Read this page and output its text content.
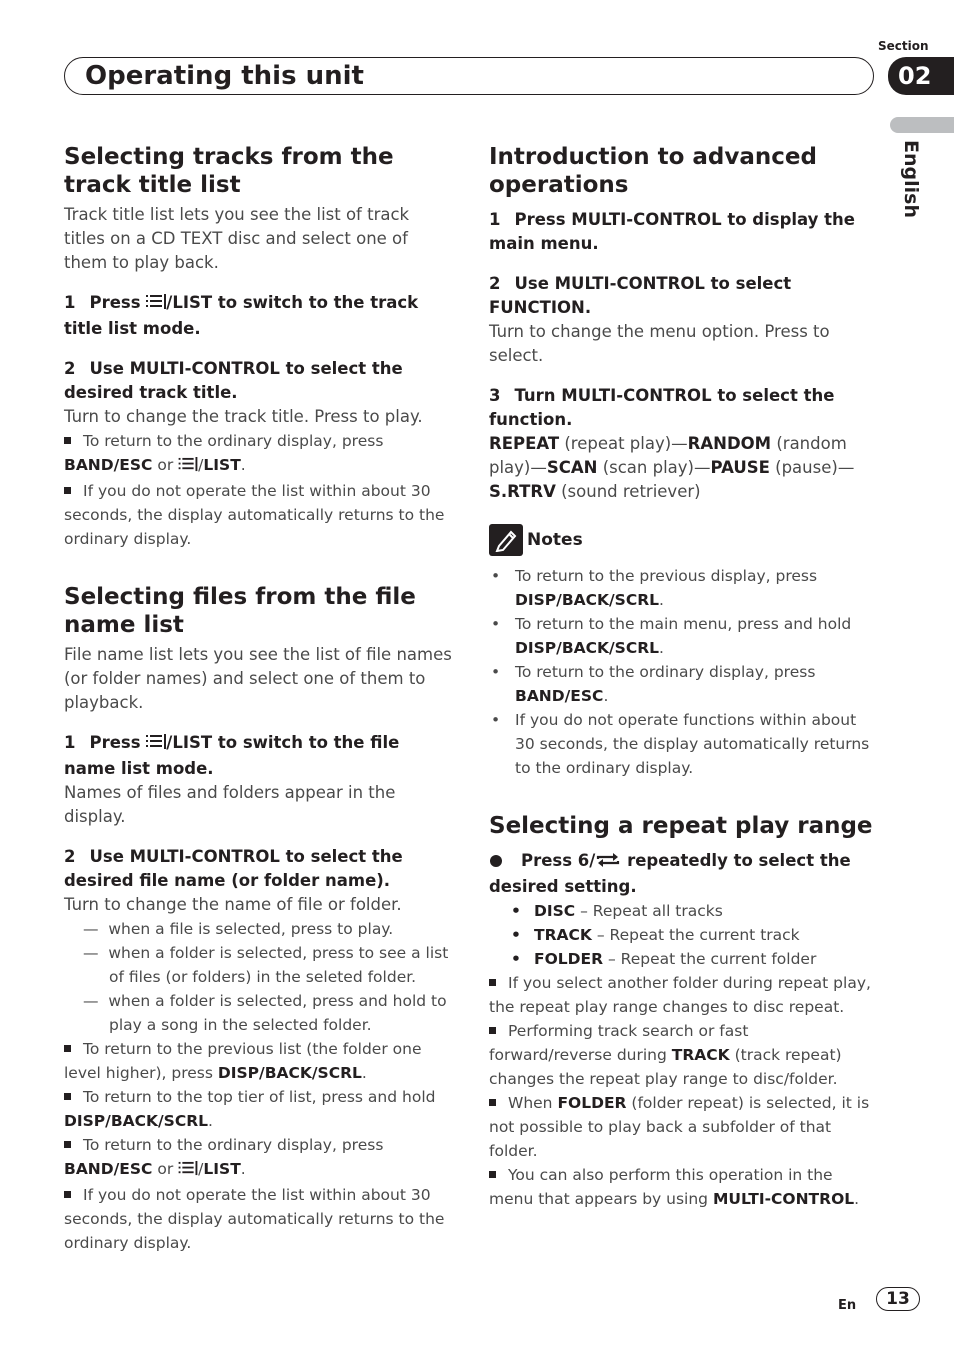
Operating this unit
Section
02
English
Selecting tracks from the track title list
Track title list lets you see the list of track titles on a CD TEXT disc and select one of them to play back.
1 Press /LIST to switch to the track title list mode.
2 Use MULTI-CONTROL to select the desired track title.
Turn to change the track title. Press to play.
To return to the ordinary display, press BAND/ESC or /LIST.
If you do not operate the list within about 30 seconds, the display automatically returns to the ordinary display.
Selecting files from the file name list
File name list lets you see the list of file names (or folder names) and select one of them to playback.
1 Press /LIST to switch to the file name list mode.
Names of files and folders appear in the display.
2 Use MULTI-CONTROL to select the desired file name (or folder name).
Turn to change the name of file or folder.
— when a file is selected, press to play.
— when a folder is selected, press to see a list of files (or folders) in the seleted folder.
— when a folder is selected, press and hold to play a song in the selected folder.
To return to the previous list (the folder one level higher), press DISP/BACK/SCRL.
To return to the top tier of list, press and hold DISP/BACK/SCRL.
To return to the ordinary display, press BAND/ESC or /LIST.
If you do not operate the list within about 30 seconds, the display automatically returns to the ordinary display.
Introduction to advanced operations
1 Press MULTI-CONTROL to display the main menu.
2 Use MULTI-CONTROL to select FUNCTION.
Turn to change the menu option. Press to select.
3 Turn MULTI-CONTROL to select the function.
REPEAT (repeat play)—RANDOM (random play)—SCAN (scan play)—PAUSE (pause)—S.RTRV (sound retriever)
Notes
• To return to the previous display, press DISP/BACK/SCRL.
• To return to the main menu, press and hold DISP/BACK/SCRL.
• To return to the ordinary display, press BAND/ESC.
• If you do not operate functions within about 30 seconds, the display automatically returns to the ordinary display.
Selecting a repeat play range
Press 6/ repeatedly to select the desired setting.
• DISC – Repeat all tracks
• TRACK – Repeat the current track
• FOLDER – Repeat the current folder
If you select another folder during repeat play, the repeat play range changes to disc repeat.
Performing track search or fast forward/reverse during TRACK (track repeat) changes the repeat play range to disc/folder.
When FOLDER (folder repeat) is selected, it is not possible to play back a subfolder of that folder.
You can also perform this operation in the menu that appears by using MULTI-CONTROL.
En	13
